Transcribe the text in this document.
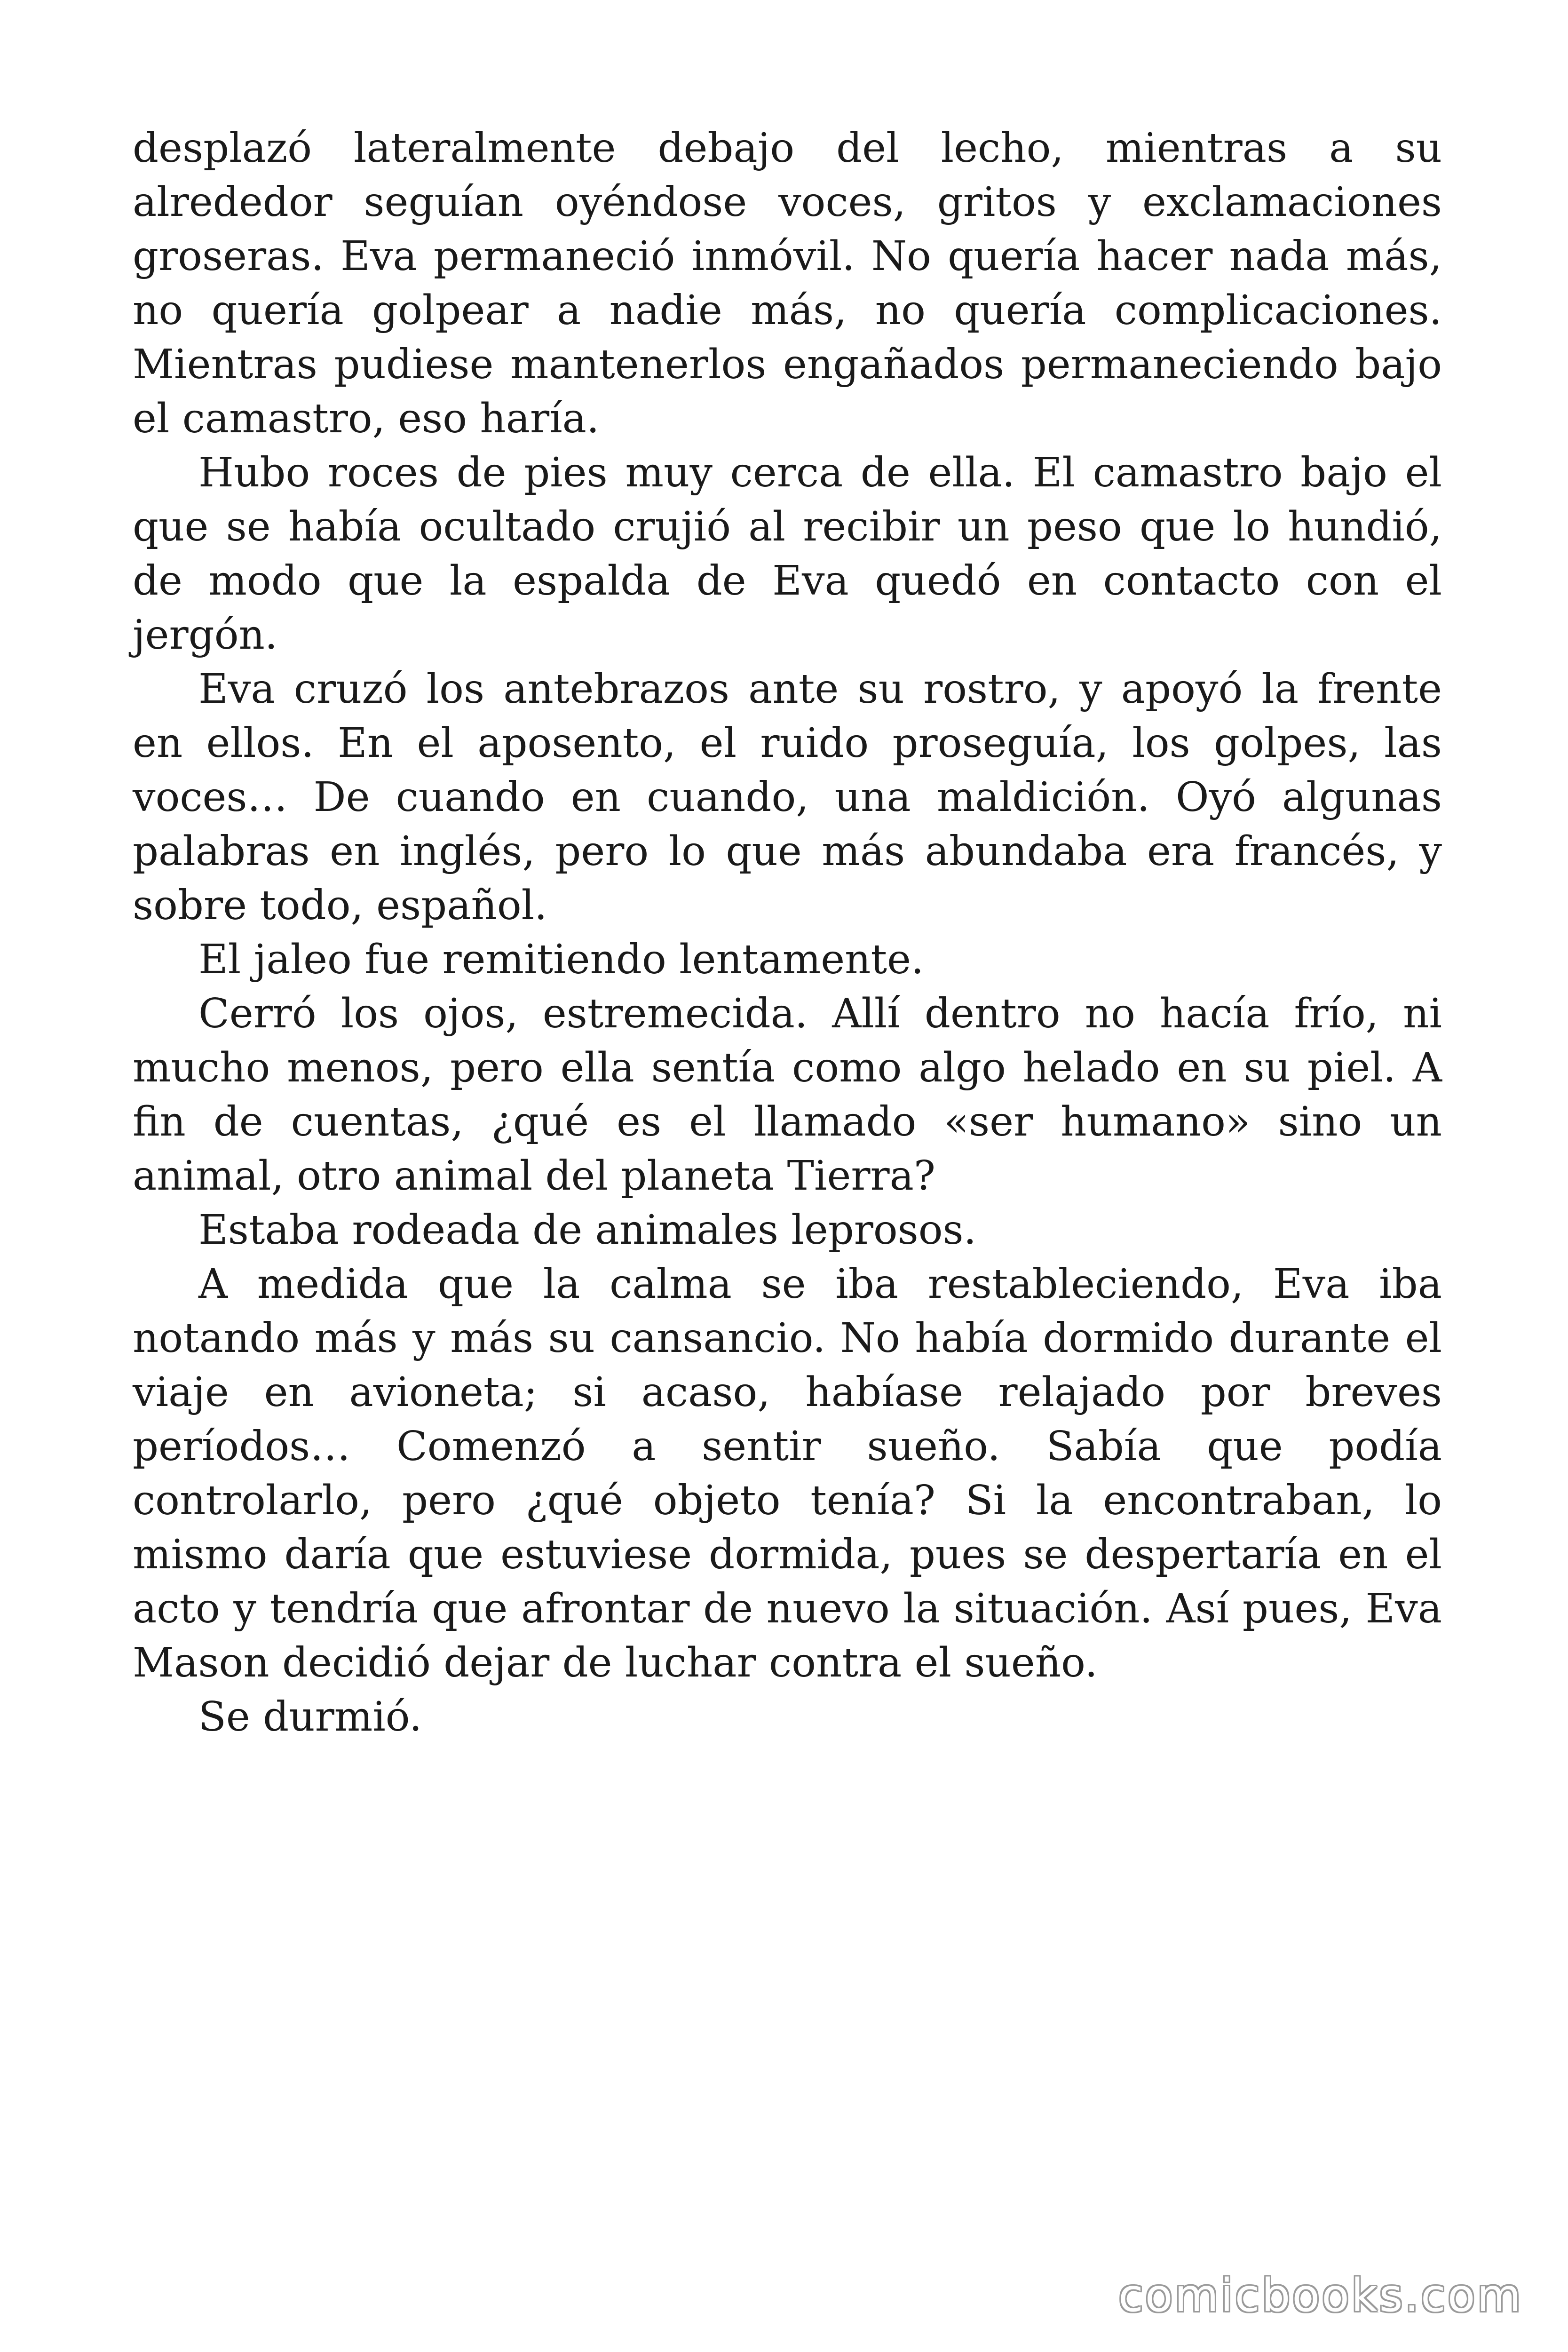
desplazó lateralmente debajo del lecho, mientras a su alrededor seguían oyéndose voces, gritos y exclamaciones groseras. Eva permaneció inmóvil. No quería hacer nada más, no quería golpear a nadie más, no quería complicaciones. Mientras pudiese mantenerlos engañados permaneciendo bajo el camastro, eso haría.

Hubo roces de pies muy cerca de ella. El camastro bajo el que se había ocultado crujió al recibir un peso que lo hundió, de modo que la espalda de Eva quedó en contacto con el jergón.

Eva cruzó los antebrazos ante su rostro, y apoyó la frente en ellos. En el aposento, el ruido proseguía, los golpes, las voces… De cuando en cuando, una maldición. Oyó algunas palabras en inglés, pero lo que más abundaba era francés, y sobre todo, español.

El jaleo fue remitiendo lentamente.

Cerró los ojos, estremecida. Allí dentro no hacía frío, ni mucho menos, pero ella sentía como algo helado en su piel. A fin de cuentas, ¿qué es el llamado «ser humano» sino un animal, otro animal del planeta Tierra?

Estaba rodeada de animales leprosos.

A medida que la calma se iba restableciendo, Eva iba notando más y más su cansancio. No había dormido durante el viaje en avioneta; si acaso, habíase relajado por breves períodos… Comenzó a sentir sueño. Sabía que podía controlarlo, pero ¿qué objeto tenía? Si la encontraban, lo mismo daría que estuviese dormida, pues se despertaría en el acto y tendría que afrontar de nuevo la situación. Así pues, Eva Mason decidió dejar de luchar contra el sueño.

Se durmió.

comicbooks.com
